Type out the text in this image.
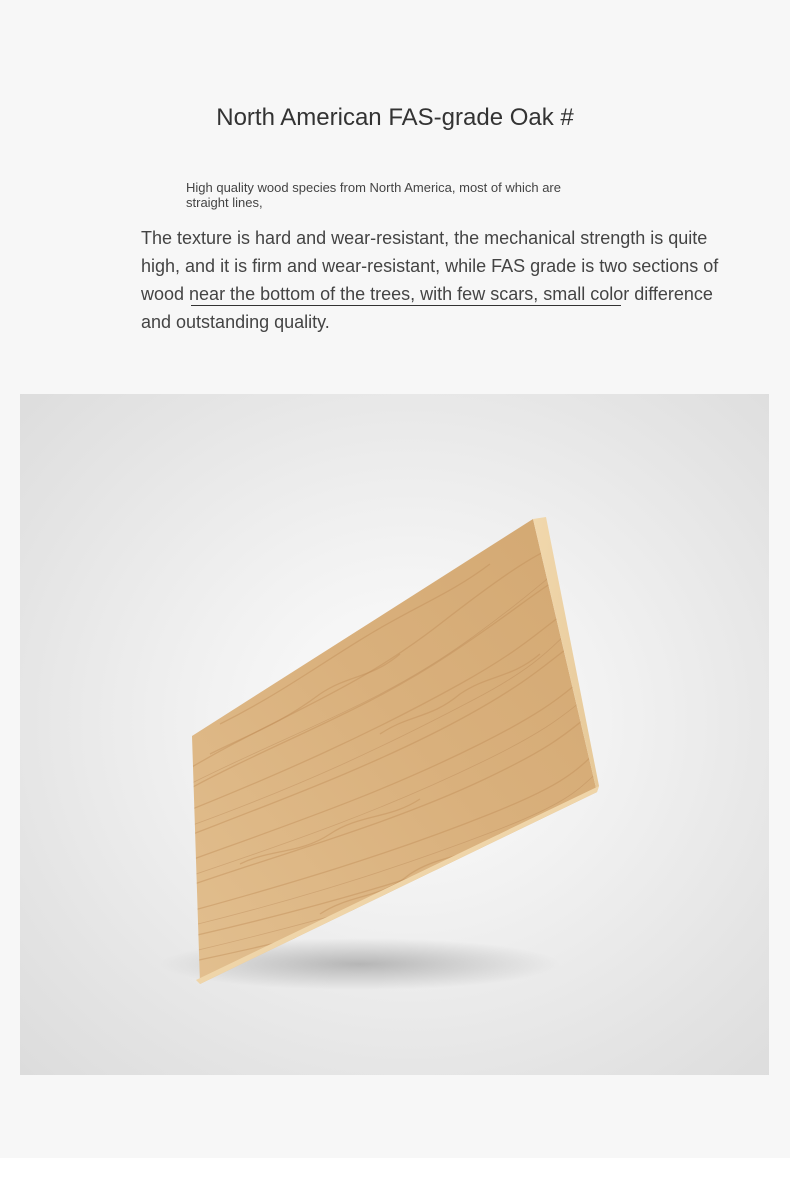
North American FAS-grade Oak #
High quality wood species from North America, most of which are straight lines,
The texture is hard and wear-resistant, the mechanical strength is quite high, and it is firm and wear-resistant, while FAS grade is two sections of wood near the bottom of the trees, with few scars, small color difference and outstanding quality.
